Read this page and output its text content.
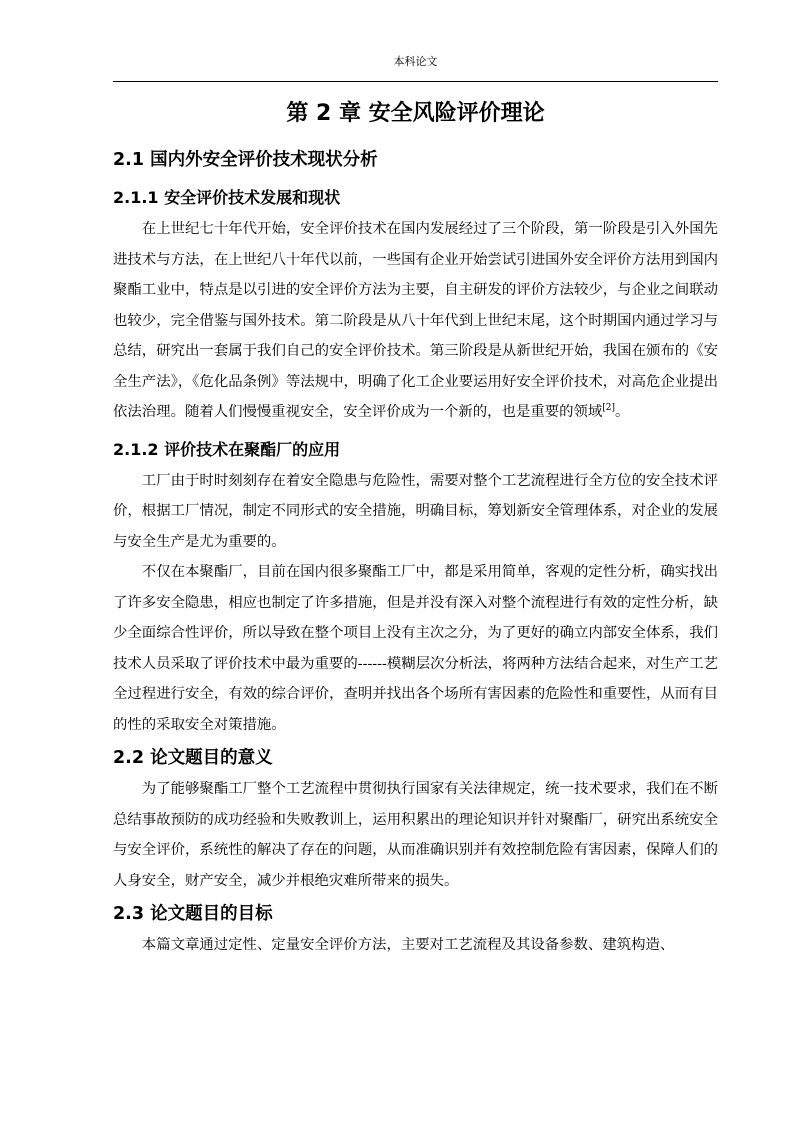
本科论文
第 2 章 安全风险评价理论
2.1 国内外安全评价技术现状分析
2.1.1 安全评价技术发展和现状

在上世纪七十年代开始，安全评价技术在国内发展经过了三个阶段，第一阶段是引入外国先进技术与方法，在上世纪八十年代以前，一些国有企业开始尝试引进国外安全评价方法用到国内聚酯工业中，特点是以引进的安全评价方法为主要，自主研发的评价方法较少，与企业之间联动也较少，完全借鉴与国外技术。第二阶段是从八十年代到上世纪末尾，这个时期国内通过学习与总结，研究出一套属于我们自己的安全评价技术。第三阶段是从新世纪开始，我国在颁布的《安全生产法》，《危化品条例》等法规中，明确了化工企业要运用好安全评价技术，对高危企业提出依法治理。随着人们慢慢重视安全，安全评价成为一个新的，也是重要的领域[2]。

2.1.2 评价技术在聚酯厂的应用

工厂由于时时刻刻存在着安全隐患与危险性，需要对整个工艺流程进行全方位的安全技术评价，根据工厂情况，制定不同形式的安全措施，明确目标，筹划新安全管理体系，对企业的发展与安全生产是尤为重要的。

不仅在本聚酯厂，目前在国内很多聚酯工厂中，都是采用简单，客观的定性分析，确实找出了许多安全隐患，相应也制定了许多措施，但是并没有深入对整个流程进行有效的定性分析，缺少全面综合性评价，所以导致在整个项目上没有主次之分，为了更好的确立内部安全体系，我们技术人员采取了评价技术中最为重要的------模糊层次分析法，将两种方法结合起来，对生产工艺全过程进行安全，有效的综合评价，查明并找出各个场所有害因素的危险性和重要性，从而有目的性的采取安全对策措施。

2.2 论文题目的意义

为了能够聚酯工厂整个工艺流程中贯彻执行国家有关法律规定，统一技术要求，我们在不断总结事故预防的成功经验和失败教训上，运用积累出的理论知识并针对聚酯厂，研究出系统安全与安全评价，系统性的解决了存在的问题，从而准确识别并有效控制危险有害因素，保障人们的人身安全，财产安全，减少并根绝灾难所带来的损失。

2.3 论文题目的目标

本篇文章通过定性、定量安全评价方法，主要对工艺流程及其设备参数、建筑构造、
